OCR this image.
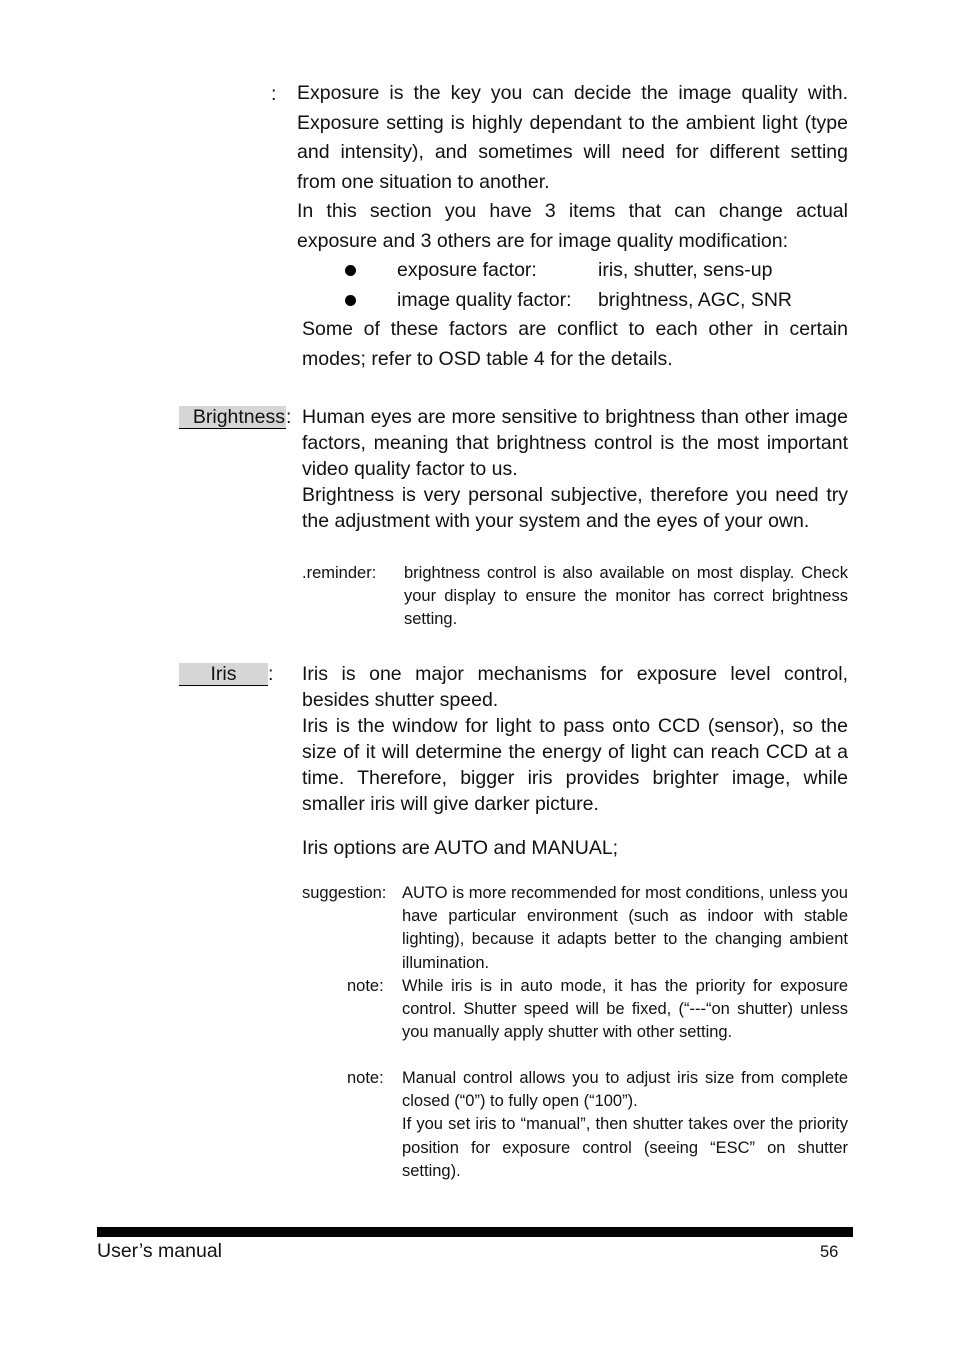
: Exposure is the key you can decide the image quality with. Exposure setting is highly dependant to the ambient light (type and intensity), and sometimes will need for different setting from one situation to another.

In this section you have 3 items that can change actual exposure and 3 others are for image quality modification:

exposure factor:	iris, shutter, sens-up
image quality factor: brightness, AGC, SNR

Some of these factors are conflict to each other in certain modes; refer to OSD table 4 for the details.

Brightness : Human eyes are more sensitive to brightness than other image factors, meaning that brightness control is the most important video quality factor to us.

Brightness is very personal subjective, therefore you need try the adjustment with your system and the eyes of your own.

.reminder: brightness control is also available on most display. Check your display to ensure the monitor has correct brightness setting.

Iris	: Iris is one major mechanisms for exposure level control, besides shutter speed.

Iris is the window for light to pass onto CCD (sensor), so the size of it will determine the energy of light can reach CCD at a time. Therefore, bigger iris provides brighter image, while smaller iris will give darker picture.

Iris options are AUTO and MANUAL;
suggestion: AUTO is more recommended for most conditions, unless you have particular environment (such as indoor with stable lighting), because it adapts better to the changing ambient illumination.

note: While iris is in auto mode, it has the priority for exposure control. Shutter speed will be fixed, (“---“on shutter) unless you manually apply shutter with other setting.

note: Manual control allows you to adjust iris size from complete closed (“0”) to fully open (“100”).

If you set iris to “manual”, then shutter takes over the priority position for exposure control (seeing “ESC” on shutter setting).

User’s manual	56
